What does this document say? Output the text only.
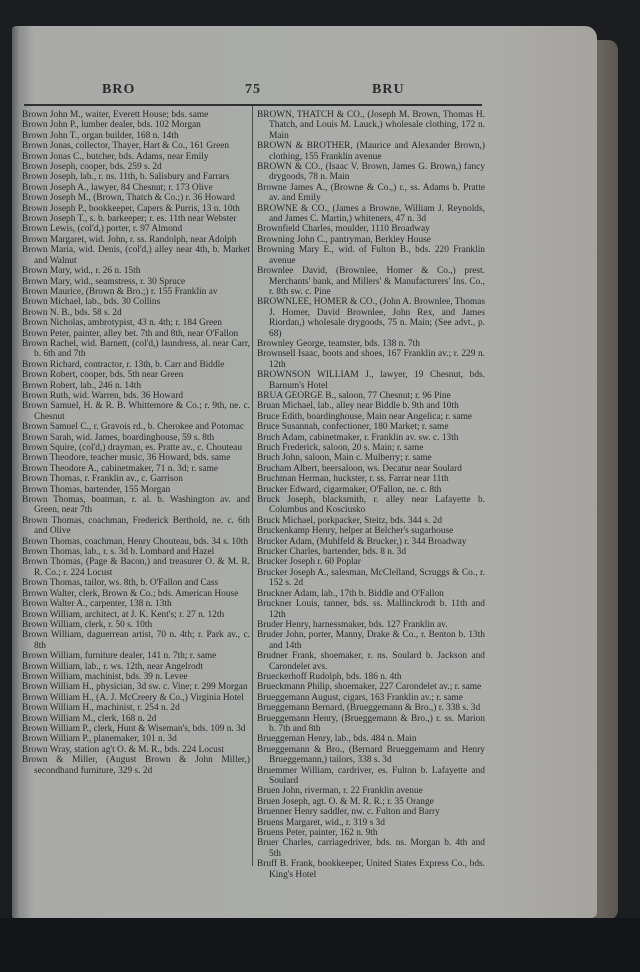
BRO	75	BRU

Brown John M., waiter, Everett House; bds. same

Brown John P., lumber dealer, bds. 102 Morgan

Brown John T., organ builder, 168 n. 14th

Brown Jonas, collector, Thayer, Hart & Co., 161 Green

Brown Jonas C., butcher, bds. Adams, near Emily

Brown Joseph, cooper, bds. 259 s. 2d

Brown Joseph, lab., r. ns. 11th, b. Salisbury and Farrars

Brown Joseph A., lawyer, 84 Chesnut; r. 173 Olive

Brown Joseph M., (Brown, Thatch & Co.;) r. 36 Howard

Brown Joseph P., bookkeeper, Capers & Purris, 13 n. 10th

Brown Joseph T., s. b. barkeeper; r. es. 11th near Webster

Brown Lewis, (col'd,) porter, r. 97 Almond

Brown Margaret, wid. John, r. ss. Randolph, near Adolph

Brown Maria, wid. Denis, (col'd,) alley near 4th, b. Market and Walnut

Brown Mary, wid., r. 26 n. 15th

Brown Mary, wid., seamstress, r. 30 Spruce

Brown Maurice, (Brown & Bro.;) r. 155 Franklin av

Brown Michael, lab., bds. 30 Collins

Brown N. B., bds. 58 s. 2d

Brown Nicholas, ambrotypist, 43 n. 4th; r. 184 Green

Brown Peter, painter, alley bet. 7th and 8th, near O'Fallon

Brown Rachel, wid. Barnett, (col'd,) laundress, al. near Carr, b. 6th and 7th

Brown Richard, contractor, r. 13th, b. Carr and Biddle

Brown Robert, cooper, bds. 5th near Green

Brown Robert, lab., 246 n. 14th

Brown Ruth, wid. Warren, bds. 36 Howard

Brown Samuel, H. & R. B. Whittemore & Co.; r. 9th, ne. c. Chesnut

Brown Samuel C., r. Gravois rd., b. Cherokee and Potomac

Brown Sarah, wid. James, boardinghouse, 59 s. 8th

Brown Squire, (col'd,) drayman, es. Pratte av., c. Chouteau

Brown Theodore, teacher music, 36 Howard, bds. same

Brown Theodore A., cabinetmaker, 71 n. 3d; r. same

Brown Thomas, r. Franklin av., c. Garrison

Brown Thomas, bartender, 155 Morgan

Brown Thomas, boatman, r. al. b. Washington av. and Green, near 7th

Brown Thomas, coachman, Frederick Berthold, ne. c. 6th and Olive

Brown Thomas, coachman, Henry Chouteau, bds. 34 s. 10th

Brown Thomas, lab., r. s. 3d b. Lombard and Hazel

Brown Thomas, (Page & Bacon,) and treasurer O. & M. R. R. Co.; r. 224 Locust

Brown Thomas, tailor, ws. 8th, b. O'Fallon and Cass

Brown Walter, clerk, Brown & Co.; bds. American House

Brown Walter A., carpenter, 138 n. 13th

Brown William, architect, at J. K. Kent's; r. 27 n. 12th

Brown William, clerk, r. 50 s. 10th

Brown William, daguerrean artist, 70 n. 4th; r. Park av., c. 8th

Brown William, furniture dealer, 141 n. 7th; r. same

Brown William, lab., r. ws. 12th, near Angelrodt

Brown William, machinist, bds. 39 n. Levee

Brown William H., physician, 3d sw. c. Vine; r. 299 Morgan

Brown William H., (A. J. McCreery & Co.,) Virginia Hotel

Brown William H., machinist, r. 254 n. 2d

Brown William M., clerk, 168 n. 2d

Brown William P., clerk, Hunt & Wiseman's, bds. 109 n. 3d

Brown William P., planemaker, 101 n. 3d

Brown Wray, station ag't O. & M. R., bds. 224 Locust

Brown & Miller, (August Brown & John Miller,) secondhand furniture, 329 s. 2d

BROWN, THATCH & CO., (Joseph M. Brown, Thomas H. Thatch, and Louis M. Lauck,) wholesale clothing, 172 n. Main

BROWN & BROTHER, (Maurice and Alexander Brown,) clothing, 155 Franklin avenue

BROWN & CO., (Isaac V. Brown, James G. Brown,) fancy drygoods, 78 n. Main

Browne James A., (Browne & Co.,) r., ss. Adams b. Pratte av. and Emily

BROWNE & CO., (James a Browne, William J. Reynolds, and James C. Martin,) whiteners, 47 n. 3d

Brownfield Charles, moulder, 1110 Broadway

Browning John C., pantryman, Berkley House

Browning Mary E., wid. of Fulton B., bds. 220 Franklin avenue

Brownlee David, (Brownlee, Homer & Co.,) prest. Merchants' bank, and Millers' & Manufacturers' Ins. Co., r. 8th sw. c. Pine

BROWNLEE, HOMER & CO., (John A. Brownlee, Thomas J. Homer, David Brownlee, John Rex, and James Riordan,) wholesale drygoods, 75 n. Main; (See advt., p. 68)

Brownley George, teamster, bds. 138 n. 7th

Brownsell Isaac, boots and shoes, 167 Franklin av.; r. 229 n. 12th

BROWNSON WILLIAM J., lawyer, 19 Chesnut, bds. Barnum's Hotel

BRUA GEORGE B., saloon, 77 Chesnut; r. 96 Pine

Bruan Michael, lab., alley near Biddle b. 9th and 10th

Bruce Edith, boardinghouse, Main near Angelica; r. same

Bruce Susannah, confectioner, 180 Market; r. same

Bruch Adam, cabinetmaker, r. Franklin av. sw. c. 13th

Bruch Frederick, saloon, 20 s. Main; r. same

Bruch John, saloon, Main c. Mulberry; r. same

Brucham Albert, beersaloon, ws. Decatur near Soulard

Bruchman Herman, huckster, r. ss. Farrar near 11th

Brucker Edward, cigarmaker, O'Fallon, ne. c. 8th

Bruck Joseph, blacksmith, r. alley near Lafayette b. Columbus and Kosciusko

Bruck Michael, porkpacker, Steitz, bds. 344 s. 2d

Bruckenkamp Henry, helper at Belcher's sugarhouse

Brucker Adam, (Muhlfeld & Brucker,) r. 344 Broadway

Brucker Charles, bartender, bds. 8 n. 3d

Brucker Joseph r. 60 Poplar

Brucker Joseph A., salesman, McClelland, Scruggs & Co., r. 152 s. 2d

Bruckner Adam, lab., 17th b. Biddle and O'Fallon

Bruckner Louis, tanner, bds. ss. Mallinckrodt b. 11th and 12th

Bruder Henry, harnessmaker, bds. 127 Franklin av.

Bruder John, porter, Manny, Drake & Co., r. Benton b. 13th and 14th

Brudner Frank, shoemaker, r. ns. Soulard b. Jackson and Carondelet avs.

Brueckerhoff Rudolph, bds. 186 n. 4th

Brueckmann Philip, shoemaker, 227 Carondelet av.; r. same

Brueggemann August, cigars, 163 Franklin av.; r. same

Brueggemann Bernard, (Brueggemann & Bro.,) r. 338 s. 3d

Brueggemann Henry, (Brueggemann & Bro.,) r. ss. Marion b. 7th and 8th

Brueggeman Henry, lab., bds. 484 n. Main

Brueggemann & Bro., (Bernard Brueggemann and Henry Brueggemann,) tailors, 338 s. 3d

Bruemmer William, cardriver, es. Fulton b. Lafayette and Soulard

Bruen John, riverman, r. 22 Franklin avenue

Bruen Joseph, agt. O. & M. R. R.; r. 35 Orange

Bruenner Henry saddler, nw. c. Fulton and Barry

Bruens Margaret, wid., r. 319 s 3d

Bruens Peter, painter, 162 n. 9th

Bruer Charles, carriagedriver, bds. ns. Morgan b. 4th and 5th

Bruff B. Frank, bookkeeper, United States Express Co., bds. King's Hotel
